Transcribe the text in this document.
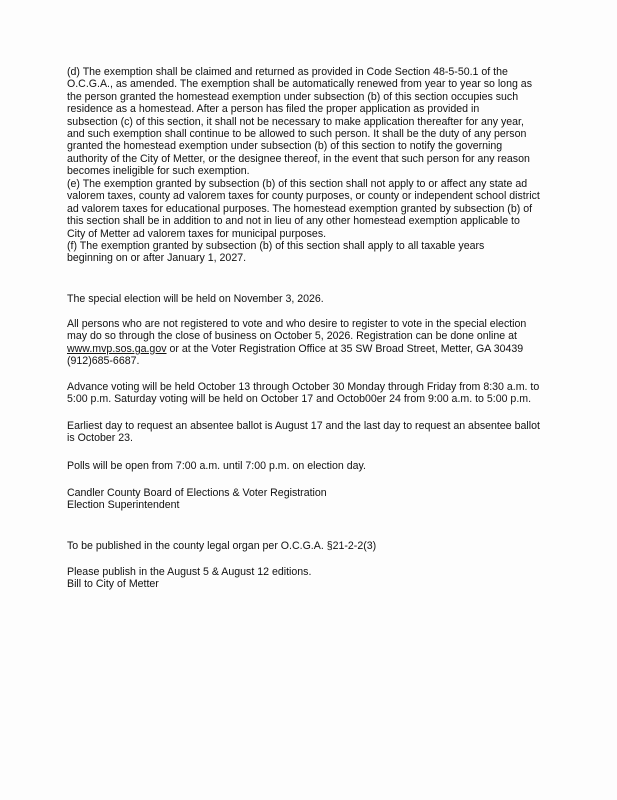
(d) The exemption shall be claimed and returned as provided in Code Section 48-5-50.1 of the

O.C.G.A., as amended. The exemption shall be automatically renewed from year to year so long as

the person granted the homestead exemption under subsection (b) of this section occupies such

residence as a homestead. After a person has filed the proper application as provided in

subsection (c) of this section, it shall not be necessary to make application thereafter for any year,

and such exemption shall continue to be allowed to such person. It shall be the duty of any person

granted the homestead exemption under subsection (b) of this section to notify the governing

authority of the City of Metter, or the designee thereof, in the event that such person for any reason

becomes ineligible for such exemption.

(e) The exemption granted by subsection (b) of this section shall not apply to or affect any state ad

valorem taxes, county ad valorem taxes for county purposes, or county or independent school district

ad valorem taxes for educational purposes. The homestead exemption granted by subsection (b) of

this section shall be in addition to and not in lieu of any other homestead exemption applicable to

City of Metter ad valorem taxes for municipal purposes.

(f) The exemption granted by subsection (b) of this section shall apply to all taxable years

beginning on or after January 1, 2027.

The special election will be held on November 3, 2026.

All persons who are not registered to vote and who desire to register to vote in the special election

may do so through the close of business on October 5, 2026. Registration can be done online at

www.mvp.sos.ga.gov or at the Voter Registration Office at 35 SW Broad Street, Metter, GA 30439

(912)685-6687.

Advance voting will be held October 13 through October 30 Monday through Friday from 8:30 a.m. to

5:00 p.m. Saturday voting will be held on October 17 and Octob00er 24 from 9:00 a.m. to 5:00 p.m.

Earliest day to request an absentee ballot is August 17 and the last day to request an absentee ballot

is October 23.

Polls will be open from 7:00 a.m. until 7:00 p.m. on election day.

Candler County Board of Elections & Voter Registration

Election Superintendent

To be published in the county legal organ per O.C.G.A. §21-2-2(3)

Please publish in the August 5 & August 12 editions.

Bill to City of Metter
